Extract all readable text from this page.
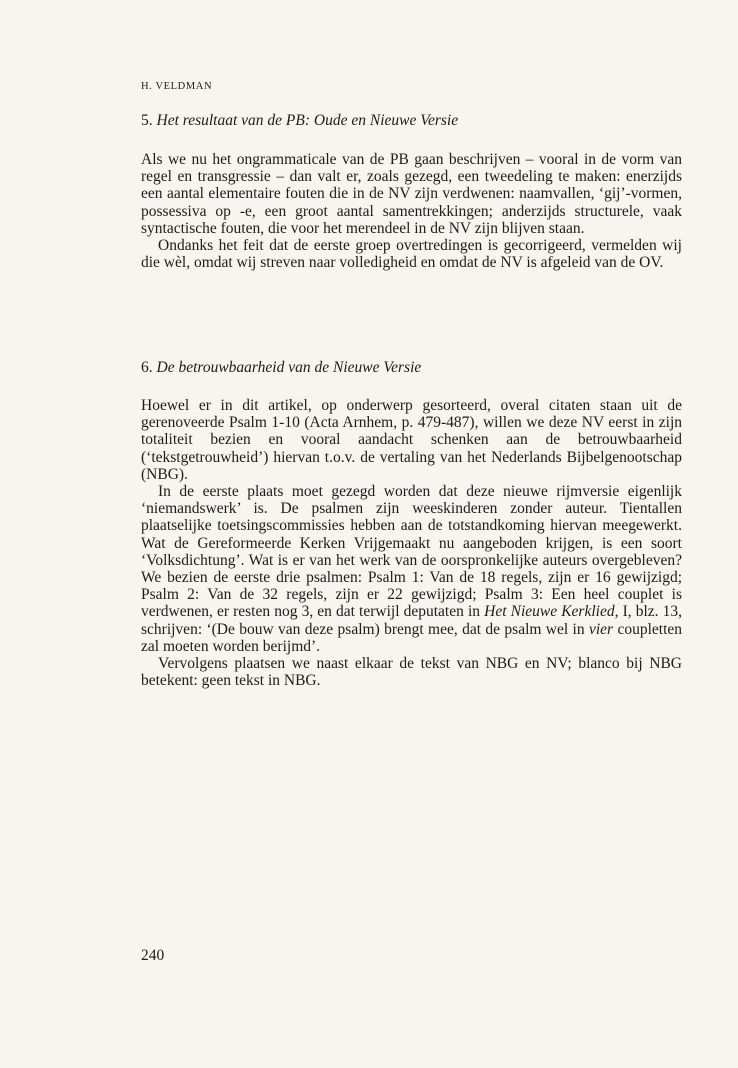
H. VELDMAN
5. Het resultaat van de PB: Oude en Nieuwe Versie

Als we nu het ongrammaticale van de PB gaan beschrijven – vooral in de vorm van regel en transgressie – dan valt er, zoals gezegd, een tweedeling te maken: enerzijds een aantal elementaire fouten die in de NV zijn verdwenen: naamvallen, ‘gij’-vormen, possessiva op -e, een groot aantal samentrekkingen; anderzijds structurele, vaak syntactische fouten, die voor het merendeel in de NV zijn blijven staan.

Ondanks het feit dat de eerste groep overtredingen is gecorrigeerd, vermelden wij die wèl, omdat wij streven naar volledigheid en omdat de NV is afgeleid van de OV.

6. De betrouwbaarheid van de Nieuwe Versie

Hoewel er in dit artikel, op onderwerp gesorteerd, overal citaten staan uit de gerenoveerde Psalm 1-10 (Acta Arnhem, p. 479-487), willen we deze NV eerst in zijn totaliteit bezien en vooral aandacht schenken aan de betrouwbaarheid (‘tekstgetrouwheid’) hiervan t.o.v. de vertaling van het Nederlands Bijbelgenootschap (NBG).

In de eerste plaats moet gezegd worden dat deze nieuwe rijmversie eigenlijk ‘niemandswerk’ is. De psalmen zijn weeskinderen zonder auteur. Tientallen plaatselijke toetsingscommissies hebben aan de totstandkoming hiervan meegewerkt. Wat de Gereformeerde Kerken Vrijgemaakt nu aangeboden krijgen, is een soort ‘Volksdichtung’. Wat is er van het werk van de oorspronkelijke auteurs overgebleven? We bezien de eerste drie psalmen: Psalm 1: Van de 18 regels, zijn er 16 gewijzigd; Psalm 2: Van de 32 regels, zijn er 22 gewijzigd; Psalm 3: Een heel couplet is verdwenen, er resten nog 3, en dat terwijl deputaten in Het Nieuwe Kerklied, I, blz. 13, schrijven: ‘(De bouw van deze psalm) brengt mee, dat de psalm wel in vier coupletten zal moeten worden berijmd’.

Vervolgens plaatsen we naast elkaar de tekst van NBG en NV; blanco bij NBG betekent: geen tekst in NBG.

240
